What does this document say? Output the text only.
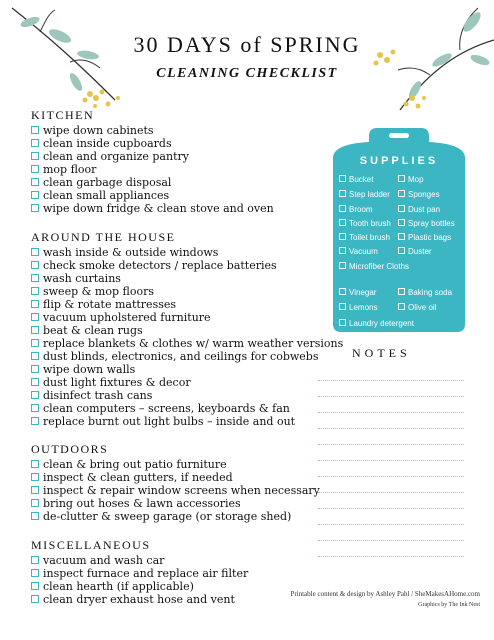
30 DAYS of SPRING
CLEANING CHECKLIST
KITCHEN
wipe down cabinets
clean inside cupboards
clean and organize pantry
mop floor
clean garbage disposal
clean small appliances
wipe down fridge & clean stove and oven
AROUND THE HOUSE
wash inside & outside windows
check smoke detectors / replace batteries
wash curtains
sweep & mop floors
flip & rotate mattresses
vacuum upholstered furniture
beat & clean rugs
replace blankets & clothes w/ warm weather versions
dust blinds, electronics, and ceilings for cobwebs
wipe down walls
dust light fixtures & decor
disinfect trash cans
clean computers – screens, keyboards & fan
replace burnt out light bulbs – inside and out
OUTDOORS
clean & bring out patio furniture
inspect & clean gutters, if needed
inspect & repair window screens when necessary
bring out hoses & lawn accessories
de-clutter & sweep garage (or storage shed)
MISCELLANEOUS
vacuum and wash car
inspect furnace and replace air filter
clean hearth (if applicable)
clean dryer exhaust hose and vent
SUPPLIES
Bucket
Step ladder
Broom
Tooth brush
Toilet brush
Vacuum
Mop
Sponges
Dust pan
Spray bottles
Plastic bags
Duster
Microfiber Cloths
Vinegar
Lemons
Baking soda
Olive oil
Laundry detergent
NOTES
Printable content & design by Ashley Pahl / SheMakesAHome.com
Graphics by The Ink Nest
